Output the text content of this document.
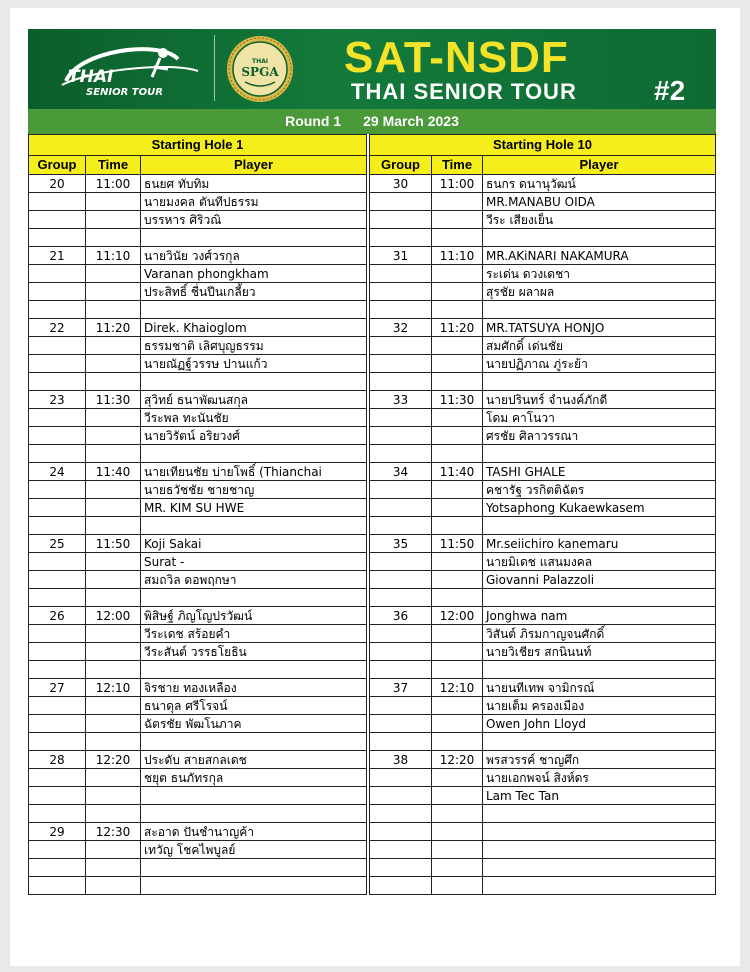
THAI
SENIOR TOUR
THAI
SPGA	SAT-NSDF
THAI SENIOR TOUR	#2
Round 1 29 March 2023
Starting Hole 1		
Group	Time	Player
20	11:00	ธนยศ ทับทิม
		นายมงคล ตันทีปธรรม
		บรรหาร ศิริวณิ

21	11:10	นายวินัย วงศ์วรกุล
		Varanan phongkham
		ประสิทธิ์ ชื่นปีนเกลี้ยว

22	11:20	Direk. Khaioglom
		ธรรมชาติ เลิศบุญธรรม
		นายณัฏฐ์วรรษ ปานแก้ว

23	11:30	สุวิทย์ ธนาพัฒนสกุล
		วีระพล ทะนันชัย
		นายวิรัตน์ อริยวงศ์

24	11:40	นายเทียนชัย บ่ายโพธิ์ (Thianchai
		นายธวัชชัย ชายชาญ
		MR. KIM SU HWE

25	11:50	Koji Sakai
		Surat -
		สมถวิล ดอพฤกษา

26	12:00	พิสิษฐ์ ภิญโญปรวัฒน์
		วีระเดช สร้อยคำ
		วีระสันต์ วรรธโยธิน

27	12:10	จิรชาย ทองเหลือง
		ธนาดุล ศรีโรจน์
		ฉัตรชัย พัฒโนภาค

28	12:20	ประดับ สายสกลเดช
		ชยุต ธนภัทรกุล

29	12:30	สะอาด ปันชำนาญค้า
		เทวัญ โชคไพบูลย์

Starting Hole 10		
Group	Time	Player
30	11:00	ธนกร ดนานุวัฒน์
		MR.MANABU OIDA
		วีระ เสียงเย็น

31	11:10	MR.AKiNARI NAKAMURA
		ระเด่น ดวงเดชา
		สุรชัย ผลาผล

32	11:20	MR.TATSUYA HONJO
		สมศักดิ์ เด่นชัย
		นายปฏิภาณ ภู่ระย้า

33	11:30	นายปรินทร์ จำนงค์ภักดี
		โดม คาโนวา
		ศรชัย ศิลาวรรณา

34	11:40	TASHI GHALE
		คชารัฐ วรกิตติฉัตร
		Yotsaphong Kukaewkasem

35	11:50	Mr.seiichiro kanemaru
		นายมิเดช แสนมงคล
		Giovanni Palazzoli

36	12:00	Jonghwa nam
		วิสันต์ ภิรมกาญจนศักดิ์
		นายวิเชียร สกนินนท์

37	12:10	นายนทีเทพ จามิกรณ์
		นายเต็ม ครองเมือง
		Owen John Lloyd

38	12:20	พรสวรรค์ ชาญศึก
		นายเอกพจน์ สิงห์ดร
		Lam Tec Tan
